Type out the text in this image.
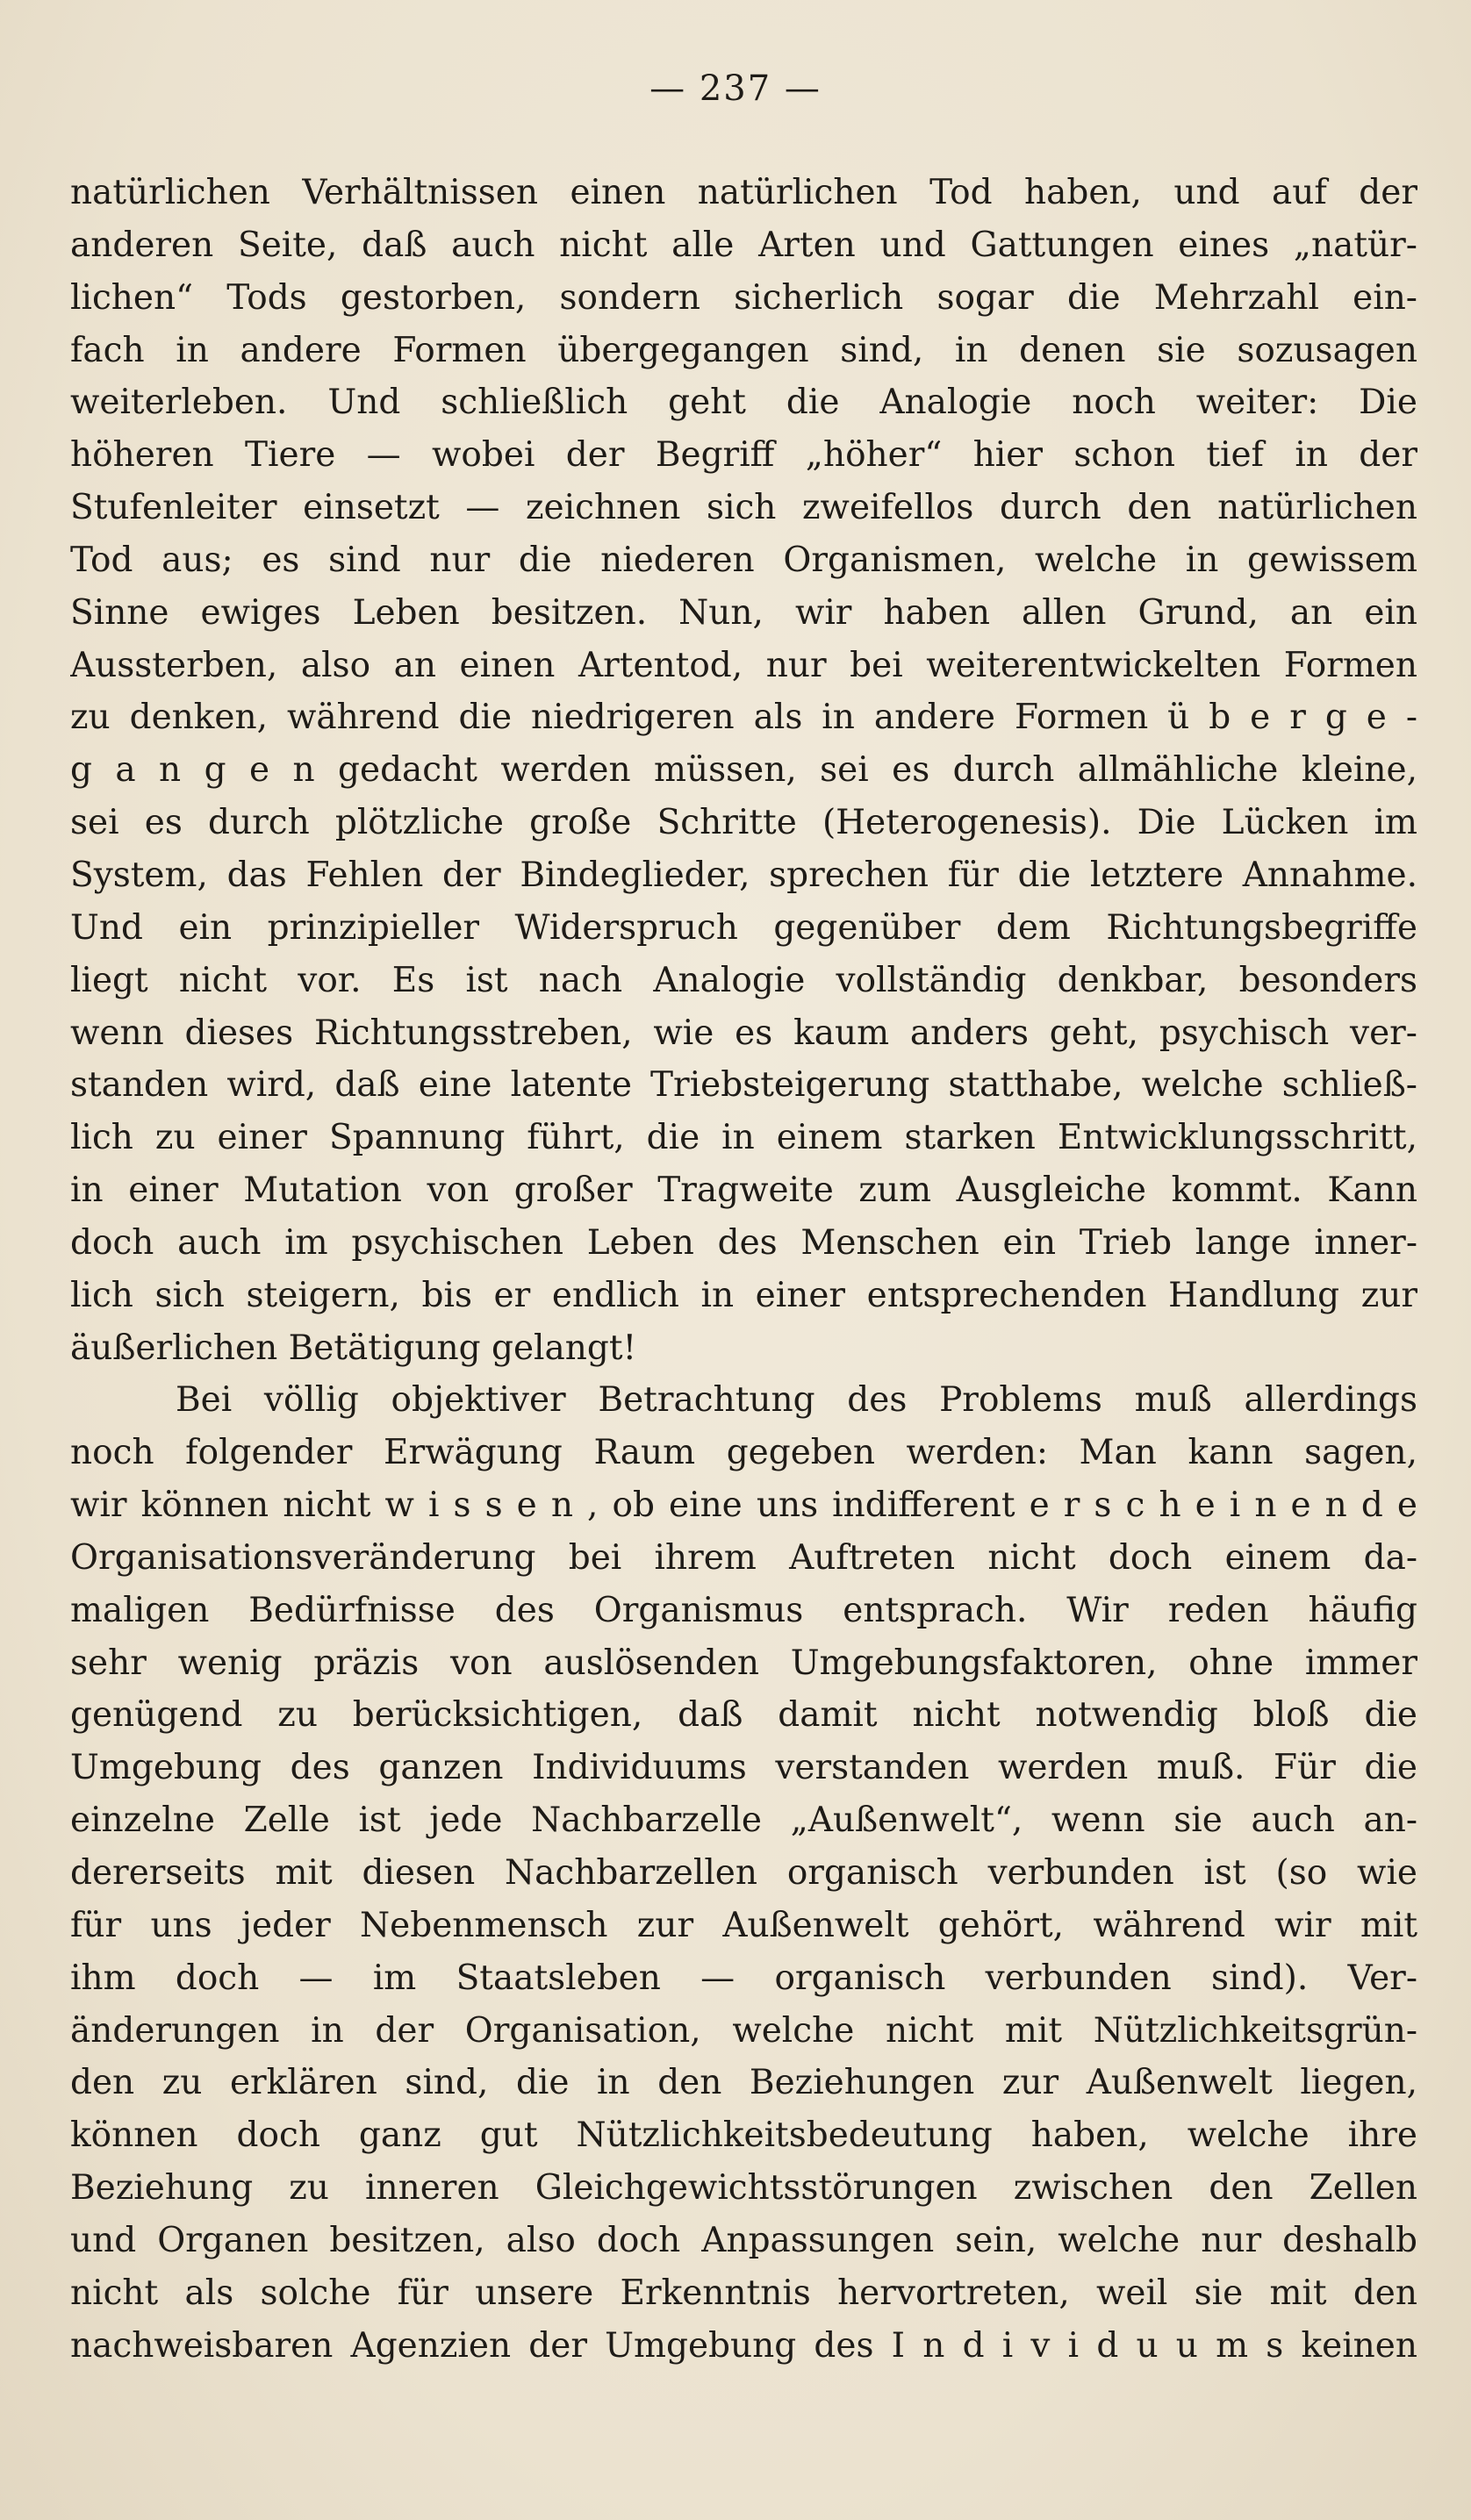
— 237 —
natürlichen Verhältnissen einen natürlichen Tod haben, und auf der
anderen Seite, daß auch nicht alle Arten und Gattungen eines „natür-
lichen“ Tods gestorben, sondern sicherlich sogar die Mehrzahl ein-
fach in andere Formen übergegangen sind, in denen sie sozusagen
weiterleben. Und schließlich geht die Analogie noch weiter: Die
höheren Tiere — wobei der Begriff „höher“ hier schon tief in der
Stufenleiter einsetzt — zeichnen sich zweifellos durch den natürlichen
Tod aus; es sind nur die niederen Organismen, welche in gewissem
Sinne ewiges Leben besitzen. Nun, wir haben allen Grund, an ein
Aussterben, also an einen Artentod, nur bei weiterentwickelten Formen
zu denken, während die niedrigeren als in andere Formen ü b e r g e -
g a n g e n gedacht werden müssen, sei es durch allmähliche kleine,
sei es durch plötzliche große Schritte (Heterogenesis). Die Lücken im
System, das Fehlen der Bindeglieder, sprechen für die letztere Annahme.
Und ein prinzipieller Widerspruch gegenüber dem Richtungsbegriffe
liegt nicht vor. Es ist nach Analogie vollständig denkbar, besonders
wenn dieses Richtungsstreben, wie es kaum anders geht, psychisch ver-
standen wird, daß eine latente Triebsteigerung statthabe, welche schließ-
lich zu einer Spannung führt, die in einem starken Entwicklungsschritt,
in einer Mutation von großer Tragweite zum Ausgleiche kommt. Kann
doch auch im psychischen Leben des Menschen ein Trieb lange inner-
lich sich steigern, bis er endlich in einer entsprechenden Handlung zur
äußerlichen Betätigung gelangt!
Bei völlig objektiver Betrachtung des Problems muß allerdings
noch folgender Erwägung Raum gegeben werden: Man kann sagen,
wir können nicht w i s s e n , ob eine uns indifferent e r s c h e i n e n d e
Organisationsveränderung bei ihrem Auftreten nicht doch einem da-
maligen Bedürfnisse des Organismus entsprach. Wir reden häufig
sehr wenig präzis von auslösenden Umgebungsfaktoren, ohne immer
genügend zu berücksichtigen, daß damit nicht notwendig bloß die
Umgebung des ganzen Individuums verstanden werden muß. Für die
einzelne Zelle ist jede Nachbarzelle „Außenwelt“, wenn sie auch an-
dererseits mit diesen Nachbarzellen organisch verbunden ist (so wie
für uns jeder Nebenmensch zur Außenwelt gehört, während wir mit
ihm doch — im Staatsleben — organisch verbunden sind). Ver-
änderungen in der Organisation, welche nicht mit Nützlichkeitsgrün-
den zu erklären sind, die in den Beziehungen zur Außenwelt liegen,
können doch ganz gut Nützlichkeitsbedeutung haben, welche ihre
Beziehung zu inneren Gleichgewichtsstörungen zwischen den Zellen
und Organen besitzen, also doch Anpassungen sein, welche nur deshalb
nicht als solche für unsere Erkenntnis hervortreten, weil sie mit den
nachweisbaren Agenzien der Umgebung des I n d i v i d u u m s keinen
